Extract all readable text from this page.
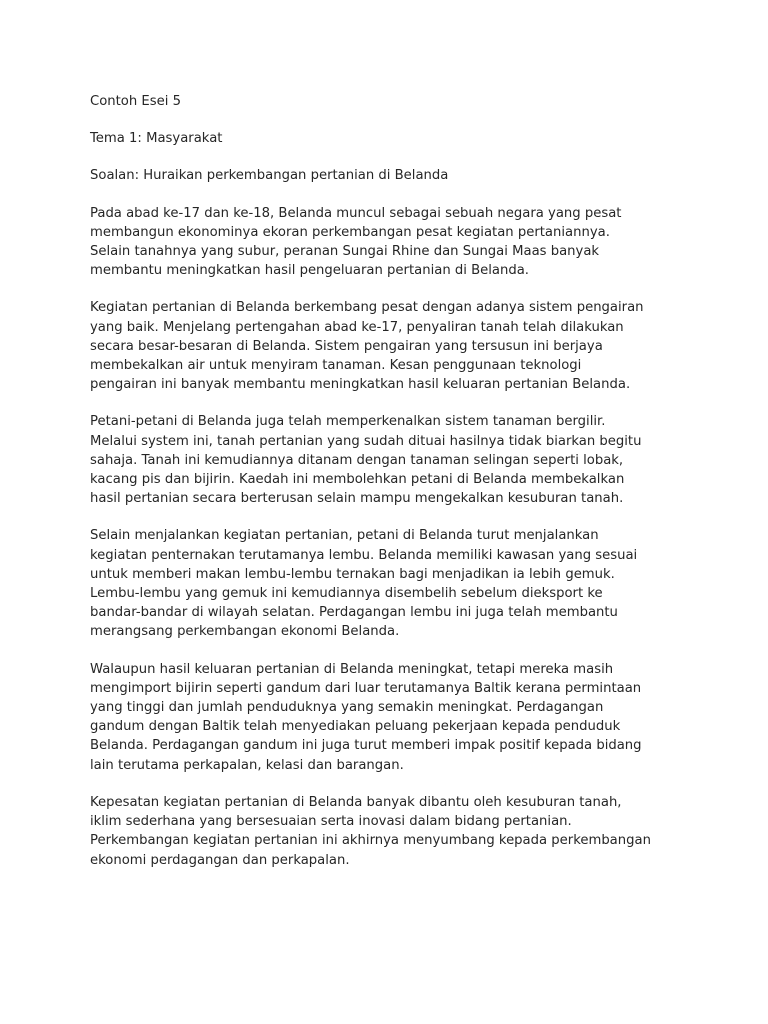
Contoh Esei 5
Tema 1: Masyarakat
Soalan: Huraikan perkembangan pertanian di Belanda
Pada abad ke-17 dan ke-18, Belanda muncul sebagai sebuah negara yang pesat
membangun ekonominya ekoran perkembangan pesat kegiatan pertaniannya.
Selain tanahnya yang subur, peranan Sungai Rhine dan Sungai Maas banyak
membantu meningkatkan hasil pengeluaran pertanian di Belanda.
Kegiatan pertanian di Belanda berkembang pesat dengan adanya sistem pengairan
yang baik. Menjelang pertengahan abad ke-17, penyaliran tanah telah dilakukan
secara besar-besaran di Belanda. Sistem pengairan yang tersusun ini berjaya
membekalkan air untuk menyiram tanaman. Kesan penggunaan teknologi
pengairan ini banyak membantu meningkatkan hasil keluaran pertanian Belanda.
Petani-petani di Belanda juga telah memperkenalkan sistem tanaman bergilir.
Melalui system ini, tanah pertanian yang sudah dituai hasilnya tidak biarkan begitu
sahaja. Tanah ini kemudiannya ditanam dengan tanaman selingan seperti lobak,
kacang pis dan bijirin. Kaedah ini membolehkan petani di Belanda membekalkan
hasil pertanian secara berterusan selain mampu mengekalkan kesuburan tanah.
Selain menjalankan kegiatan pertanian, petani di Belanda turut menjalankan
kegiatan penternakan terutamanya lembu. Belanda memiliki kawasan yang sesuai
untuk memberi makan lembu-lembu ternakan bagi menjadikan ia lebih gemuk.
Lembu-lembu yang gemuk ini kemudiannya disembelih sebelum dieksport ke
bandar-bandar di wilayah selatan. Perdagangan lembu ini juga telah membantu
merangsang perkembangan ekonomi Belanda.
Walaupun hasil keluaran pertanian di Belanda meningkat, tetapi mereka masih
mengimport bijirin seperti gandum dari luar terutamanya Baltik kerana permintaan
yang tinggi dan jumlah penduduknya yang semakin meningkat. Perdagangan
gandum dengan Baltik telah menyediakan peluang pekerjaan kepada penduduk
Belanda. Perdagangan gandum ini juga turut memberi impak positif kepada bidang
lain terutama perkapalan, kelasi dan barangan.
Kepesatan kegiatan pertanian di Belanda banyak dibantu oleh kesuburan tanah,
iklim sederhana yang bersesuaian serta inovasi dalam bidang pertanian.
Perkembangan kegiatan pertanian ini akhirnya menyumbang kepada perkembangan
ekonomi perdagangan dan perkapalan.
